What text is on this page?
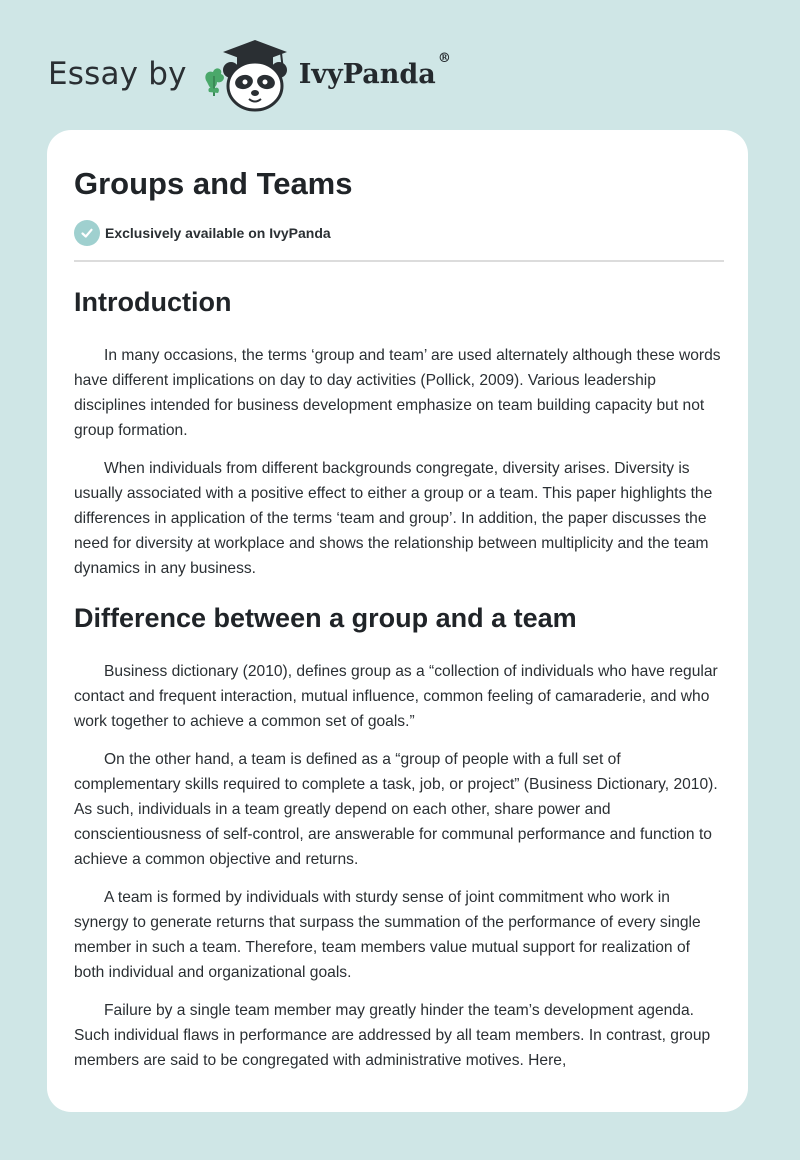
Essay by	IvyPanda®
Groups and Teams
Exclusively available on IvyPanda
Introduction

In many occasions, the terms ‘group and team’ are used alternately although these words have different implications on day to day activities (Pollick, 2009). Various leadership disciplines intended for business development emphasize on team building capacity but not group formation.

When individuals from different backgrounds congregate, diversity arises. Diversity is usually associated with a positive effect to either a group or a team. This paper highlights the differences in application of the terms ‘team and group’. In addition, the paper discusses the need for diversity at workplace and shows the relationship between multiplicity and the team dynamics in any business.

Difference between a group and a team

Business dictionary (2010), defines group as a “collection of individuals who have regular contact and frequent interaction, mutual influence, common feeling of camaraderie, and who work together to achieve a common set of goals.”

On the other hand, a team is defined as a “group of people with a full set of complementary skills required to complete a task, job, or project” (Business Dictionary, 2010). As such, individuals in a team greatly depend on each other, share power and conscientiousness of self-control, are answerable for communal performance and function to achieve a common objective and returns.

A team is formed by individuals with sturdy sense of joint commitment who work in synergy to generate returns that surpass the summation of the performance of every single member in such a team. Therefore, team members value mutual support for realization of both individual and organizational goals.

Failure by a single team member may greatly hinder the team’s development agenda. Such individual flaws in performance are addressed by all team members. In contrast, group members are said to be congregated with administrative motives. Here,
